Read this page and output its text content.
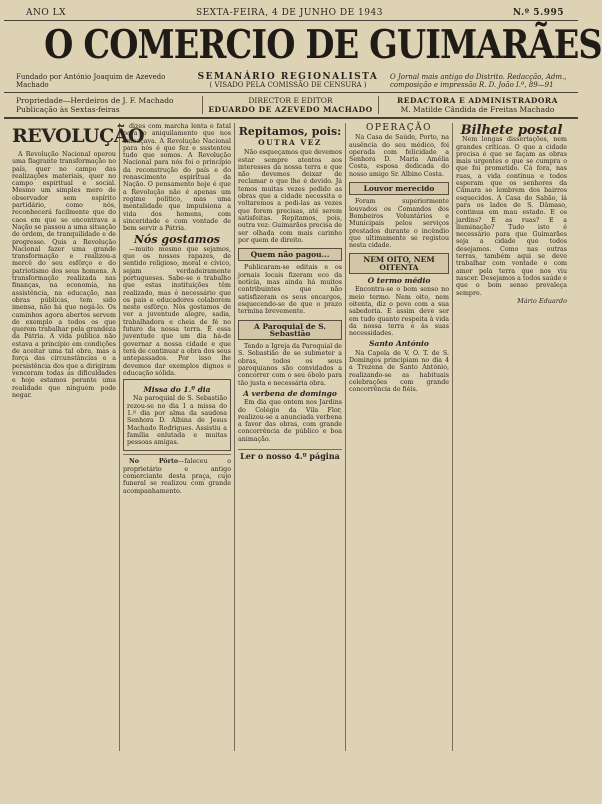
ANO LX	SEXTA-FEIRA, 4 DE JUNHO DE 1943	N.º 5.995
O COMERCIO DE GUIMARÃES
Fundado por António Joaquim de Azevedo Machado
SEMANÁRIO REGIONALISTA
( VISADO PELA COMISSÃO DE CENSURA )
O Jornal mais antigo do Distrito. Redacção, Adm., composição e impressão R. D. João I.º, 89—91
Propriedade—Herdeiros de J. F. Machado
Publicação às Sextas-feiras
DIRECTOR E EDITOR
EDUARDO DE AZEVEDO MACHADO
REDACTORA E ADMINISTRADORA
M. Matilde Cândida de Freitas Machado
REVOLUÇÃO

A Revolução Nacional operou uma flagrante transformação no país, quer no campo das realizações materiais, quer no campo espiritual e social. Mesmo um simples mero de observador sem espírito partidário, como nós, reconhecerá facilmente que do caos em que se encontrava a Nação se passou a uma situação de ordem, de tranquilidade e de progresso. Quis a Revolução Nacional fazer uma grande transformação e realizou-a mercê do seu esfôrço e do patriotismo dos seus homens. A transformação realizada nas finanças, na economia, na assistência, na educação, nas obras públicas, tem sido imensa, não há que negá-lo. Os caminhos agora abertos servem de exemplo a todos os que querem trabalhar pela grandeza da Pátria. A vida pública não estava a princípio em condições de aceitar uma tal obra, mas a força das circunstâncias e a persistência dos que a dirigiram venceram todas as dificuldades e hoje estamos perante uma realidade que ninguém pode negar.

dizes com marcha lenta e fatal para o aniquilamento que nos ameaçava. A Revolução Nacional para nós é que fez e sustentou tudo que somos. A Revolução Nacional para nós foi o princípio da reconstrução do país e do renascimento espiritual da Nação. O pensamento hoje é que a Revolução não é apenas um regime político, mas uma mentalidade que impulsiona a vida dos homens, com sinceridade e com vontade de bem servir a Pátria.

Nós gostamos

—muito mesmo que sejamos, que os nossos rapazes, de sentido religioso, moral e cívico, sejam verdadeiramente portugueses. Sabe-se o trabalho que estas instituições têm realizado, mas é necessário que os pais e educadores colaborem neste esfôrço. Nós gostamos de ver a juventude alegre, sadia, trabalhadora e cheia de fé no futuro da nossa terra. É essa juventude que um dia há-de governar a nossa cidade e que terá de continuar a obra dos seus antepassados. Por isso lhe devemos dar exemplos dignos e educação sólida.

Missa do 1.º dia

Na paroquial de S. Sebastião rezou-se no dia 1 a missa do 1.º dia por alma da saudosa Senhora D. Albina de Jesus Machado Rodrigues. Assistiu a família enlutada e muitas pessoas amigas.

No Pôrto—faleceu o proprietário e antigo comerciante desta praça, cujo funeral se realizou com grande acompanhamento.

Repitamos, pois:
OUTRA VEZ

Não esqueçamos que devemos estar sempre atentos aos interesses da nossa terra e que não devemos deixar de reclamar o que lhe é devido. Já temos muitas vezes pedido as obras que a cidade necessita e voltaremos a pedi-las as vezes que forem precisas, até serem satisfeitas. Repitamos, pois, outra vez: Guimarães precisa de ser olhada com mais carinho por quem de direito.

Quem não pagou...

Publicaram-se editais e os jornais locais fizeram eco da notícia, mas ainda há muitos contribuintes que não satisfizeram os seus encargos, esquecendo-se de que o prazo termina brevemente.

A Paroquial de S. Sebastião

Tendo a Igreja da Paroquial de S. Sebastião de se submeter a obras, todos os seus paroquianos são convidados a concorrer com o seu óbolo para tão justa e necessária obra.

A verbena de domingo

Em dia que ontem nos Jardins do Colégio da Vila Flor, realizou-se a anunciada verbena a favor das obras, com grande concorrência de público e boa animação.

Ler o nosso 4.º página
OPERAÇÃO

Na Casa de Saúde, Porto, na ausência do seu médico, foi operada com felicidade a Senhora D. Maria Amélia Costa, esposa dedicada do nosso amigo Sr. Albino Costa.

Louvor merecido

Foram superiormente louvados os Comandos dos Bombeiros Voluntários e Municipais pelos serviços prestados durante o incêndio que ultimamente se registou nesta cidade.

NEM OITO, NEM OITENTA
O termo médio

Encontra-se o bom senso no meio termo. Nem oito, nem oitenta, diz o povo com a sua sabedoria. E assim deve ser em tudo quanto respeita à vida da nossa terra e às suas necessidades.

Santo António

Na Capela de V. O. T. de S. Domingos principiam no dia 4 a Trezena de Santo António, realizando-se as habituais celebrações com grande concorrência de fiéis.

Bilhete postal

Nem longas dissertações, nem grandes críticas. O que a cidade precisa é que se façam as obras mais urgentes e que se cumpra o que foi prometido. Cá fora, nas ruas, a vida continua e todos esperam que os senhores da Câmara se lembrem dos bairros esquecidos. A Casa do Sabão, lá para os lados de S. Dâmaso, continua em mau estado. E os jardins? E as ruas? E a iluminação? Tudo isto é necessário para que Guimarães seja a cidade que todos desejamos. Como nas outras terras, também aqui se deve trabalhar com vontade e com amor pela terra que nos viu nascer. Desejamos a todos saúde e que o bom senso prevaleça sempre.

Mário Eduardo
